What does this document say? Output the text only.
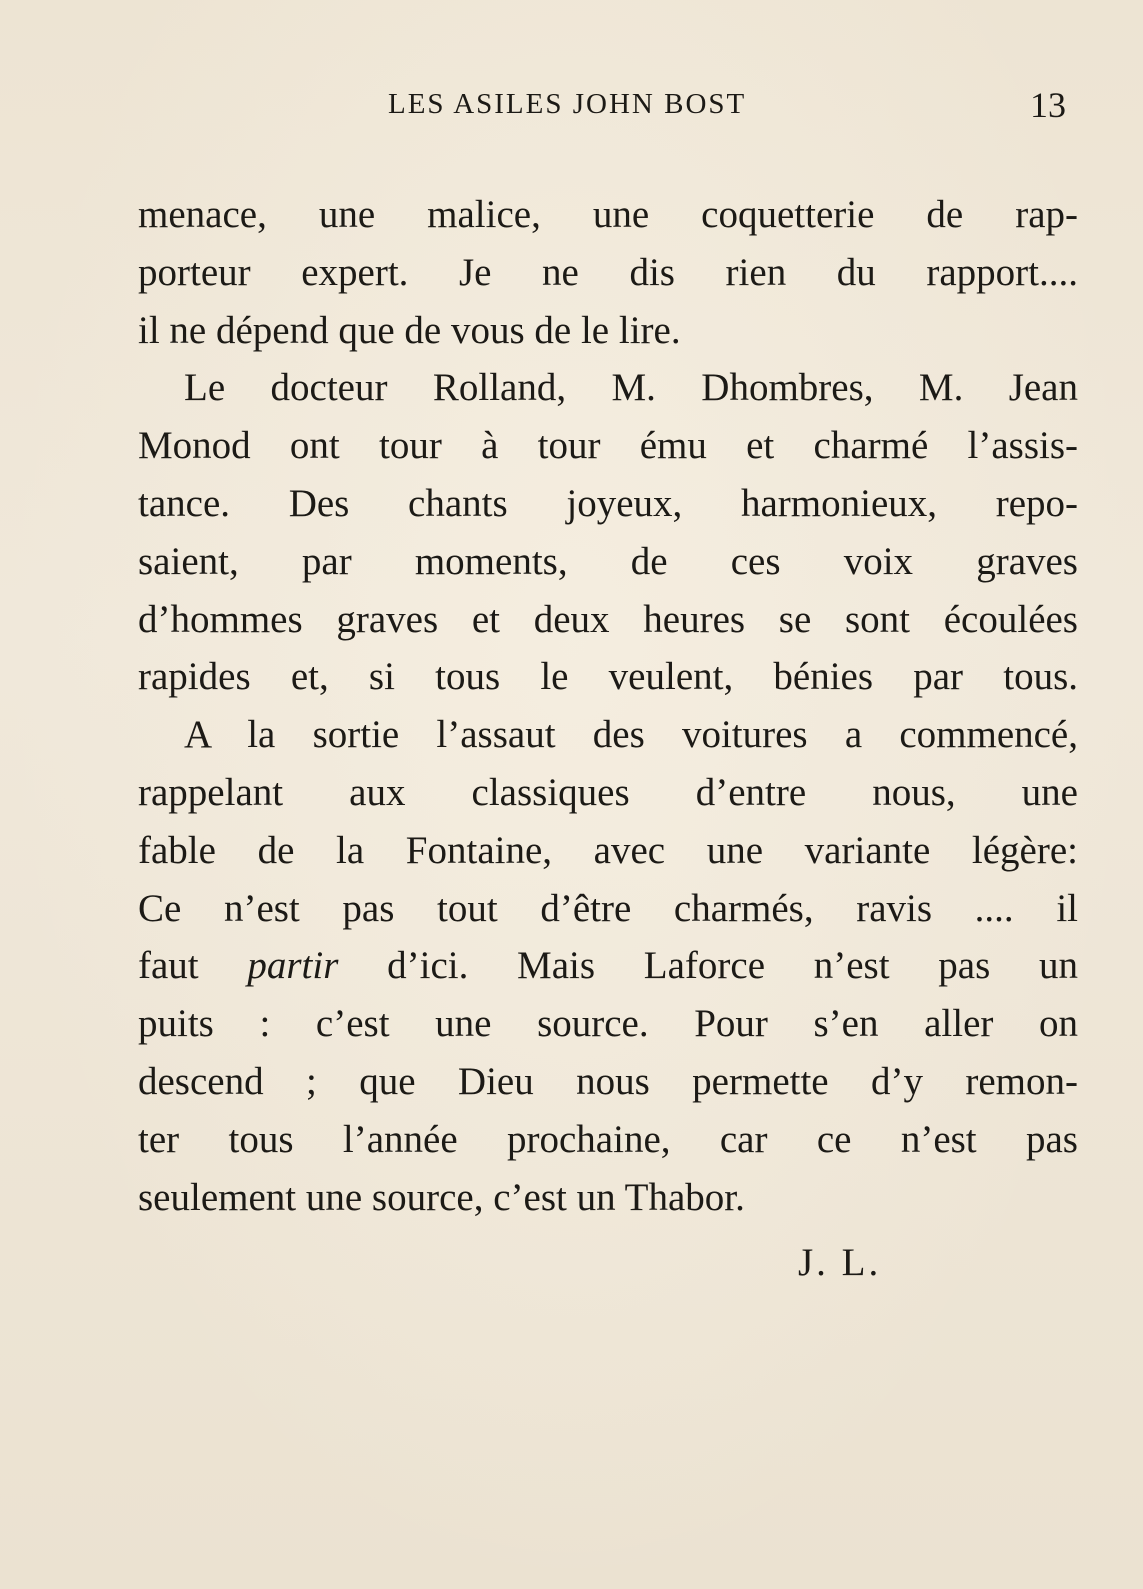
LES ASILES JOHN BOST	13
menace, une malice, une coquetterie de rap-
porteur expert. Je ne dis rien du rapport....
il ne dépend que de vous de le lire.
Le docteur Rolland, M. Dhombres, M. Jean
Monod ont tour à tour ému et charmé l’assis-
tance. Des chants joyeux, harmonieux, repo-
saient, par moments, de ces voix graves
d’hommes graves et deux heures se sont écoulées
rapides et, si tous le veulent, bénies par tous.
A la sortie l’assaut des voitures a commencé,
rappelant aux classiques d’entre nous, une
fable de la Fontaine, avec une variante légère:
Ce n’est pas tout d’être charmés, ravis .... il
faut partir d’ici. Mais Laforce n’est pas un
puits : c’est une source. Pour s’en aller on
descend ; que Dieu nous permette d’y remon-
ter tous l’année prochaine, car ce n’est pas
seulement une source, c’est un Thabor.
J. L.
